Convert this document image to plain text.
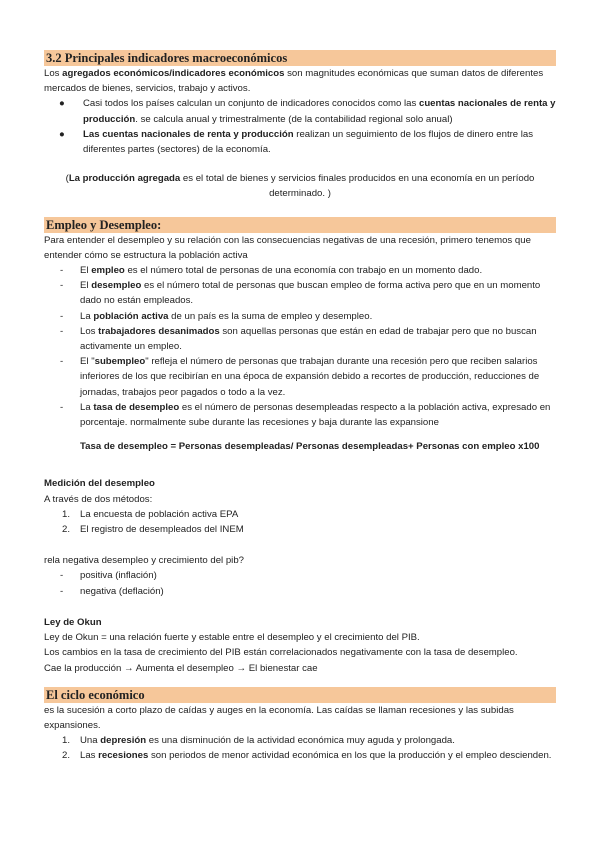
3.2 Principales indicadores macroeconómicos

Los agregados económicos/indicadores económicos son magnitudes económicas que suman datos de diferentes mercados de bienes, servicios, trabajo y activos.

● Casi todos los países calculan un conjunto de indicadores conocidos como las cuentas nacionales de renta y producción. se calcula anual y trimestralmente (de la contabilidad regional solo anual)

● Las cuentas nacionales de renta y producción realizan un seguimiento de los flujos de dinero entre las diferentes partes (sectores) de la economía.

(La producción agregada es el total de bienes y servicios finales producidos en una economía en un período determinado. )

Empleo y Desempleo:

Para entender el desempleo y su relación con las consecuencias negativas de una recesión, primero tenemos que entender cómo se estructura la población activa

- El empleo es el número total de personas de una economía con trabajo en un momento dado.

- El desempleo es el número total de personas que buscan empleo de forma activa pero que en un momento dado no están empleados.

- La población activa de un país es la suma de empleo y desempleo.

- Los trabajadores desanimados son aquellas personas que están en edad de trabajar pero que no buscan activamente un empleo.

- El "subempleo" refleja el número de personas que trabajan durante una recesión pero que reciben salarios inferiores de los que recibirían en una época de expansión debido a recortes de producción, reducciones de jornadas, trabajos peor pagados o todo a la vez.

- La tasa de desempleo es el número de personas desempleadas respecto a la población activa, expresado en porcentaje. normalmente sube durante las recesiones y baja durante las expansione

Tasa de desempleo = Personas desempleadas/ Personas desempleadas+ Personas con empleo x100

Medición del desempleo

A través de dos métodos:

1. La encuesta de población activa EPA

2. El registro de desempleados del INEM

rela negativa desempleo y crecimiento del pib?

- positiva (inflación)

- negativa (deflación)

Ley de Okun

Ley de Okun = una relación fuerte y estable entre el desempleo y el crecimiento del PIB.

Los cambios en la tasa de crecimiento del PIB están correlacionados negativamente con la tasa de desempleo.

Cae la producción → Aumenta el desempleo → El bienestar cae

El ciclo económico

es la sucesión a corto plazo de caídas y auges en la economía. Las caídas se llaman recesiones y las subidas expansiones.

1. Una depresión es una disminución de la actividad económica muy aguda y prolongada.

2. Las recesiones son periodos de menor actividad económica en los que la producción y el empleo descienden.
